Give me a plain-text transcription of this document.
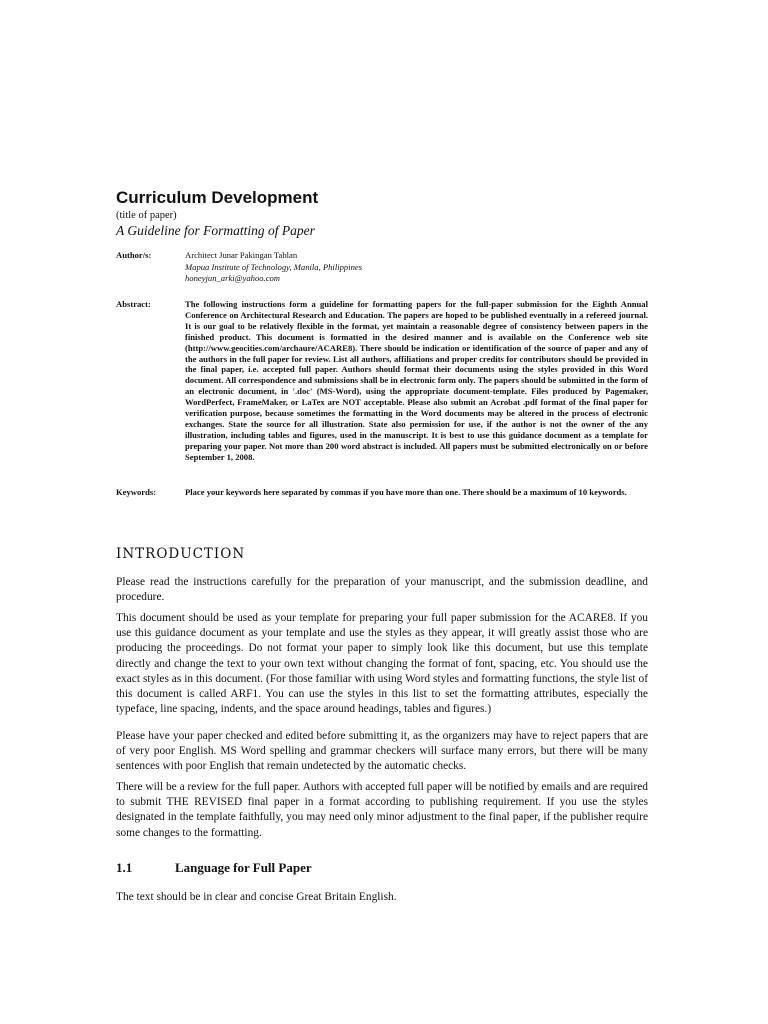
Curriculum Development
(title of paper)
A Guideline for Formatting of Paper
Author/s:	Architect Junar Pakingan Tablan
Mapua Institute of Technology, Manila, Philippines
honeyjun_arki@yahoo.com
Abstract:	The following instructions form a guideline for formatting papers for the full-paper submission for the Eighth Annual Conference on Architectural Research and Education. The papers are hoped to be published eventually in a refereed journal. It is our goal to be relatively flexible in the format, yet maintain a reasonable degree of consistency between papers in the finished product. This document is formatted in the desired manner and is available on the Conference web site (http://www.geocities.com/archaure/ACARE8). There should be indication or identification of the source of paper and any of the authors in the full paper for review. List all authors, affiliations and proper credits for contributors should be provided in the final paper, i.e. accepted full paper. Authors should format their documents using the styles provided in this Word document. All correspondence and submissions shall be in electronic form only. The papers should be submitted in the form of an electronic document, in '.doc' (MS-Word), using the appropriate document-template. Files produced by Pagemaker, WordPerfect, FrameMaker, or LaTex are NOT acceptable. Please also submit an Acrobat .pdf format of the final paper for verification purpose, because sometimes the formatting in the Word documents may be altered in the process of electronic exchanges. State the source for all illustration. State also permission for use, if the author is not the owner of the any illustration, including tables and figures, used in the manuscript. It is best to use this guidance document as a template for preparing your paper. Not more than 200 word abstract is included. All papers must be submitted electronically on or before September 1, 2008.
Keywords:	Place your keywords here separated by commas if you have more than one. There should be a maximum of 10 keywords.
INTRODUCTION

Please read the instructions carefully for the preparation of your manuscript, and the submission deadline, and procedure.

This document should be used as your template for preparing your full paper submission for the ACARE8. If you use this guidance document as your template and use the styles as they appear, it will greatly assist those who are producing the proceedings. Do not format your paper to simply look like this document, but use this template directly and change the text to your own text without changing the format of font, spacing, etc. You should use the exact styles as in this document. (For those familiar with using Word styles and formatting functions, the style list of this document is called ARF1. You can use the styles in this list to set the formatting attributes, especially the typeface, line spacing, indents, and the space around headings, tables and figures.)

Please have your paper checked and edited before submitting it, as the organizers may have to reject papers that are of very poor English. MS Word spelling and grammar checkers will surface many errors, but there will be many sentences with poor English that remain undetected by the automatic checks.

There will be a review for the full paper. Authors with accepted full paper will be notified by emails and are required to submit THE REVISED final paper in a format according to publishing requirement. If you use the styles designated in the template faithfully, you may need only minor adjustment to the final paper, if the publisher require some changes to the formatting.

1.1	Language for Full Paper

The text should be in clear and concise Great Britain English.
